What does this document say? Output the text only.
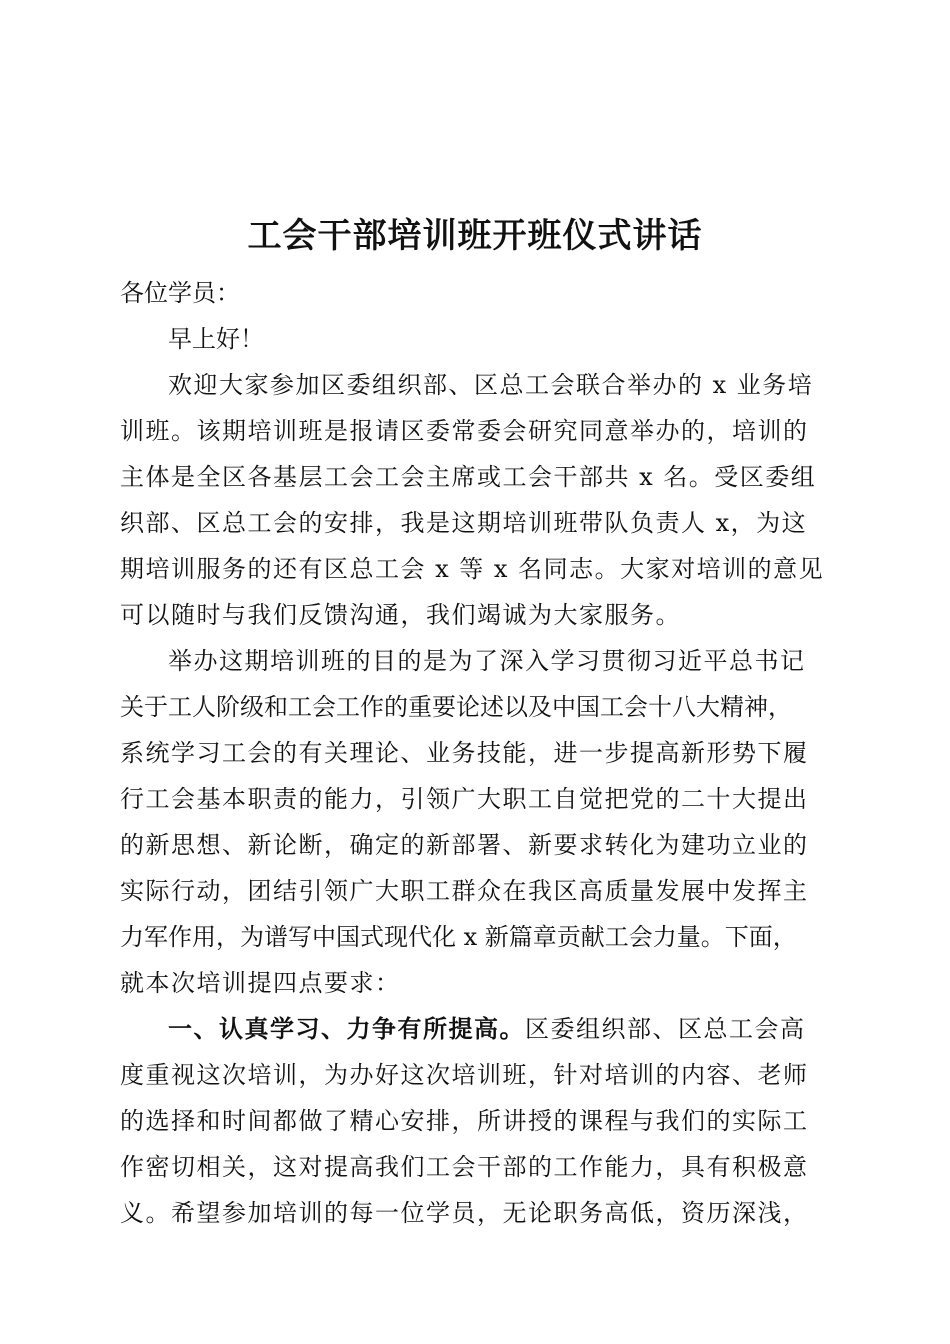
工会干部培训班开班仪式讲话
各位学员：
早上好！
欢迎大家参加区委组织部、区总工会联合举办的 x 业务培
训班。该期培训班是报请区委常委会研究同意举办的，培训的
主体是全区各基层工会工会主席或工会干部共 x 名。受区委组
织部、区总工会的安排，我是这期培训班带队负责人 x，为这
期培训服务的还有区总工会 x 等 x 名同志。大家对培训的意见
可以随时与我们反馈沟通，我们竭诚为大家服务。
举办这期培训班的目的是为了深入学习贯彻习近平总书记
关于工人阶级和工会工作的重要论述以及中国工会十八大精神，
系统学习工会的有关理论、业务技能，进一步提高新形势下履
行工会基本职责的能力，引领广大职工自觉把党的二十大提出
的新思想、新论断，确定的新部署、新要求转化为建功立业的
实际行动，团结引领广大职工群众在我区高质量发展中发挥主
力军作用，为谱写中国式现代化 x 新篇章贡献工会力量。下面，
就本次培训提四点要求：
一、认真学习、力争有所提高。区委组织部、区总工会高
度重视这次培训，为办好这次培训班，针对培训的内容、老师
的选择和时间都做了精心安排，所讲授的课程与我们的实际工
作密切相关，这对提高我们工会干部的工作能力，具有积极意
义。希望参加培训的每一位学员，无论职务高低，资历深浅，
